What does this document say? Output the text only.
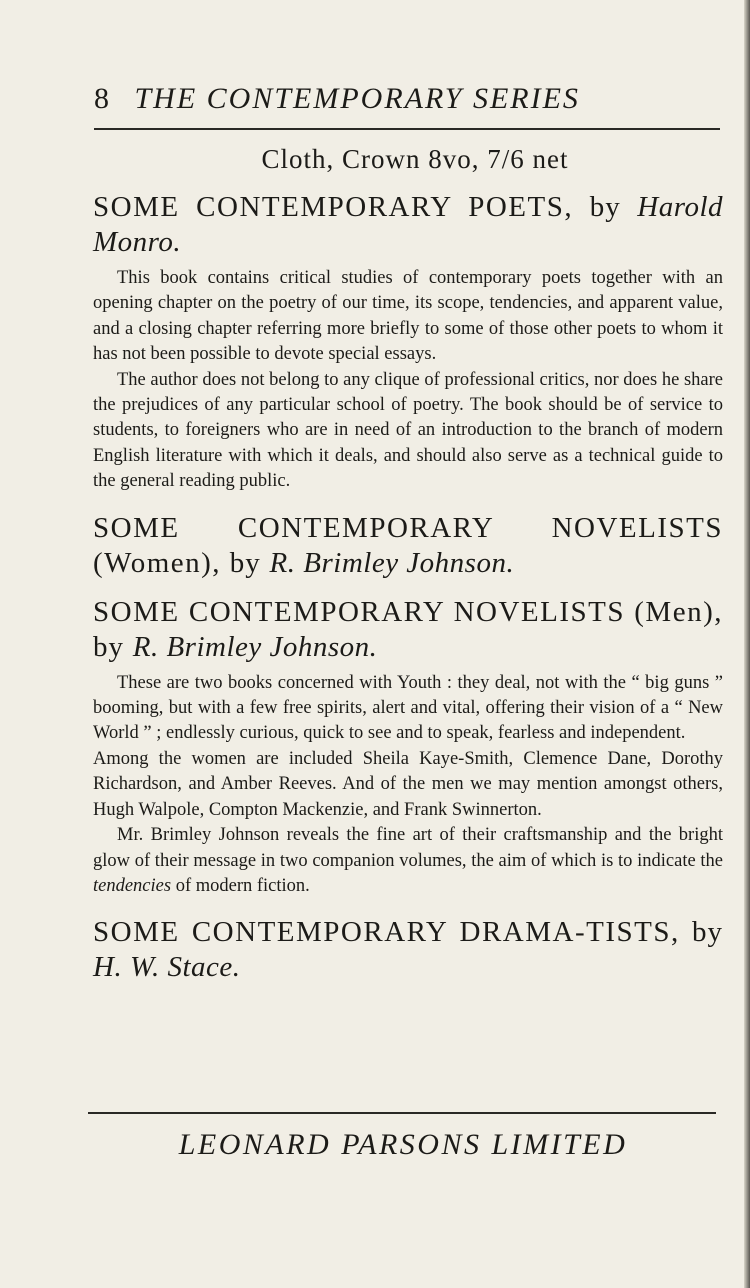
8 THE CONTEMPORARY SERIES
Cloth, Crown 8vo, 7/6 net
SOME CONTEMPORARY POETS, by Harold Monro.

This book contains critical studies of contemporary poets together with an opening chapter on the poetry of our time, its scope, tendencies, and apparent value, and a closing chapter referring more briefly to some of those other poets to whom it has not been possible to devote special essays.

The author does not belong to any clique of professional critics, nor does he share the prejudices of any particular school of poetry. The book should be of service to students, to foreigners who are in need of an introduction to the branch of modern English literature with which it deals, and should also serve as a technical guide to the general reading public.

SOME CONTEMPORARY NOVELISTS (Women), by R. Brimley Johnson.
SOME CONTEMPORARY NOVELISTS (Men), by R. Brimley Johnson.

These are two books concerned with Youth : they deal, not with the “ big guns ” booming, but with a few free spirits, alert and vital, offering their vision of a “ New World ” ; endlessly curious, quick to see and to speak, fearless and independent.

Among the women are included Sheila Kaye-Smith, Clemence Dane, Dorothy Richardson, and Amber Reeves. And of the men we may mention amongst others, Hugh Walpole, Compton Mackenzie, and Frank Swinnerton.

Mr. Brimley Johnson reveals the fine art of their craftsmanship and the bright glow of their message in two companion volumes, the aim of which is to indicate the tendencies of modern fiction.

SOME CONTEMPORARY DRAMA-TISTS, by H. W. Stace.
LEONARD PARSONS LIMITED
